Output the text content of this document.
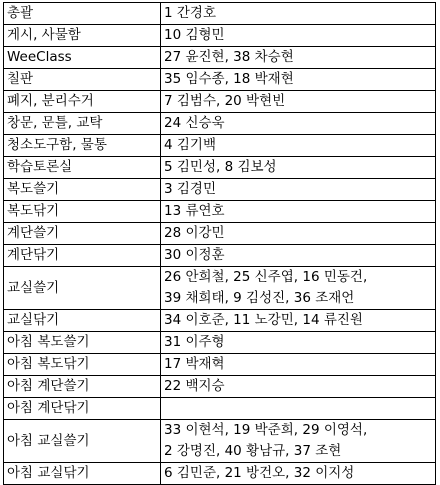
총괄	1 간경호
게시, 사물함	10 김형민
WeeClass	27 윤진현, 38 차승현
칠판	35 임수종, 18 박재현
폐지, 분리수거	7 김범수, 20 박현빈
창문, 문틀, 교탁	24 신승욱
청소도구함, 물통	4 김기백
학습토론실	5 김민성, 8 김보성
복도쓸기	3 김경민
복도닦기	13 류연호
계단쓸기	28 이강민
계단닦기	30 이정훈
교실쓸기	26 안희철, 25 신주엽, 16 민동건,
39 채희태, 9 김성진, 36 조재언

교실닦기	34 이호준, 11 노강민, 14 류진원
아침 복도쓸기	31 이주형
아침 복도닦기	17 박재혁
아침 계단쓸기	22 백지승
아침 계단닦기	
아침 교실쓸기	33 이현석, 19 박준희, 29 이영석,
2 강명진, 40 황남규, 37 조현

아침 교실닦기	6 김민준, 21 방건오, 32 이지성
